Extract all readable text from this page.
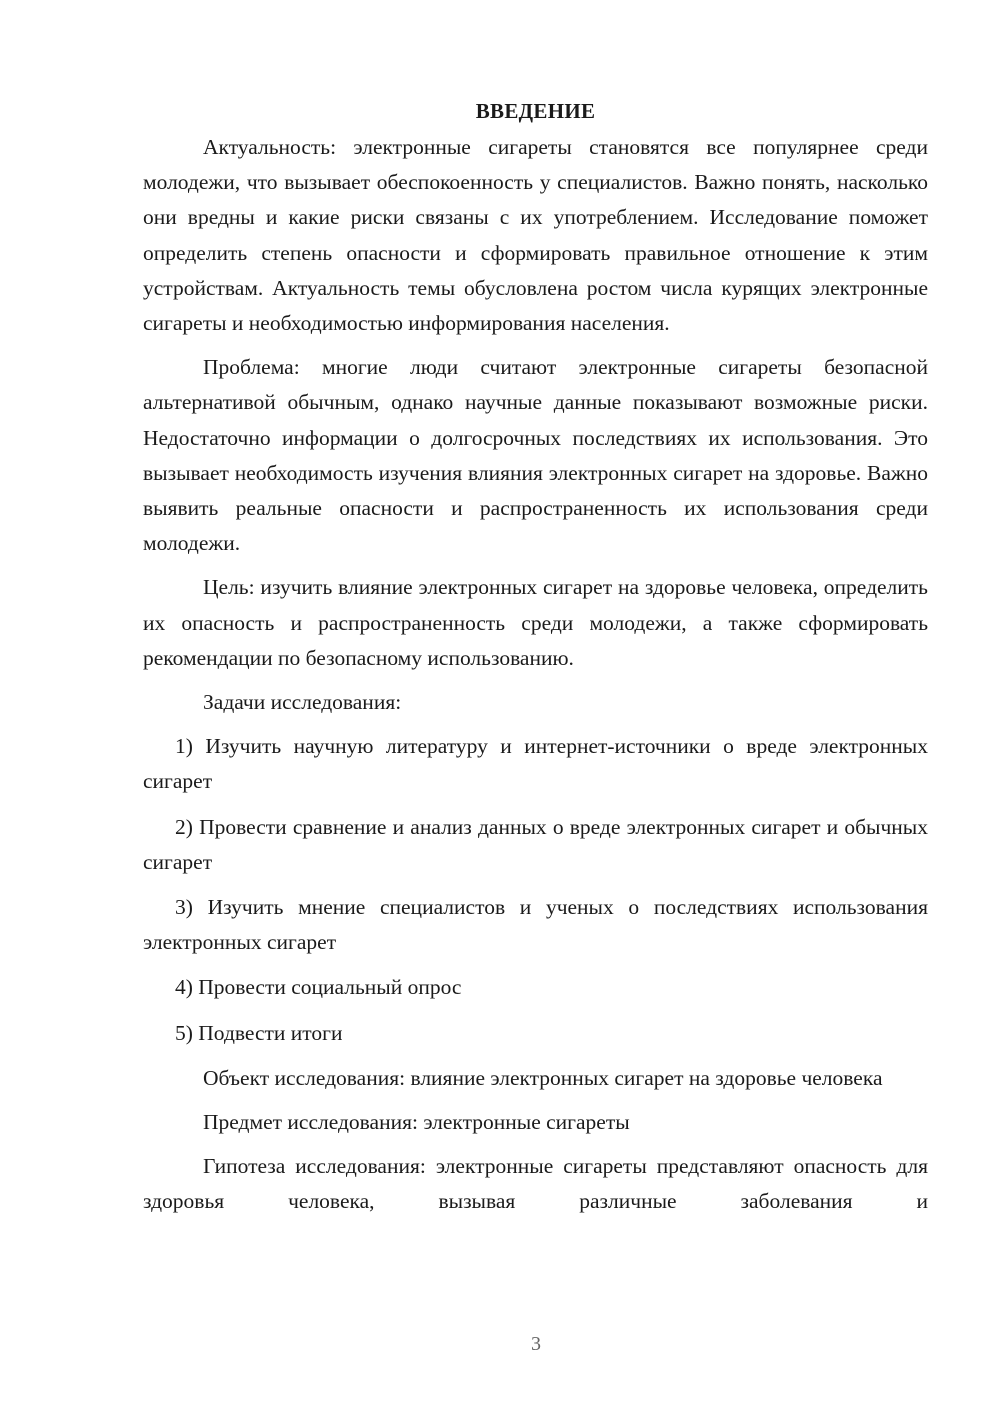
ВВЕДЕНИЕ

Актуальность: электронные сигареты становятся все популярнее среди молодежи, что вызывает обеспокоенность у специалистов. Важно понять, насколько они вредны и какие риски связаны с их употреблением. Исследование поможет определить степень опасности и сформировать правильное отношение к этим устройствам. Актуальность темы обусловлена ростом числа курящих электронные сигареты и необходимостью информирования населения.

Проблема: многие люди считают электронные сигареты безопасной альтернативой обычным, однако научные данные показывают возможные риски. Недостаточно информации о долгосрочных последствиях их использования. Это вызывает необходимость изучения влияния электронных сигарет на здоровье. Важно выявить реальные опасности и распространенность их использования среди молодежи.

Цель: изучить влияние электронных сигарет на здоровье человека, определить их опасность и распространенность среди молодежи, а также сформировать рекомендации по безопасному использованию.

Задачи исследования:

1) Изучить научную литературу и интернет-источники о вреде электронных сигарет

2) Провести сравнение и анализ данных о вреде электронных сигарет и обычных сигарет

3) Изучить мнение специалистов и ученых о последствиях использования электронных сигарет

4) Провести социальный опрос

5) Подвести итоги

Объект исследования: влияние электронных сигарет на здоровье человека

Предмет исследования: электронные сигареты

Гипотеза исследования: электронные сигареты представляют опасность для здоровья человека, вызывая различные заболевания и

3
